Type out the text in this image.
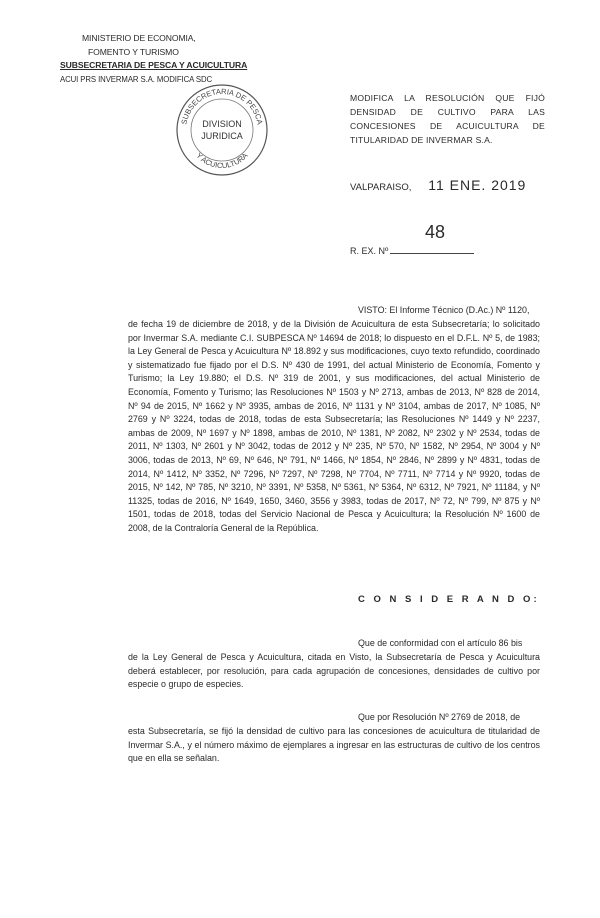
MINISTERIO DE ECONOMIA,
FOMENTO Y TURISMO
SUBSECRETARIA DE PESCA Y ACUICULTURA
ACUI PRS INVERMAR S.A. MODIFICA SDC
SUBSECRETARIA DE PESCA
Y ACUICULTURA
DIVISION
JURIDICA
MODIFICA LA RESOLUCIÓN QUE FIJÓ DENSIDAD DE CULTIVO PARA LAS CONCESIONES DE ACUICULTURA DE TITULARIDAD DE INVERMAR S.A.
VALPARAISO, 11 ENE. 2019
48
R. EX. Nº
VISTO: El Informe Técnico (D.Ac.) Nº 1120,
de fecha 19 de diciembre de 2018, y de la División de Acuicultura de esta Subsecretaría; lo solicitado por Invermar S.A. mediante C.I. SUBPESCA Nº 14694 de 2018; lo dispuesto en el D.F.L. Nº 5, de 1983; la Ley General de Pesca y Acuicultura Nº 18.892 y sus modificaciones, cuyo texto refundido, coordinado y sistematizado fue fijado por el D.S. Nº 430 de 1991, del actual Ministerio de Economía, Fomento y Turismo; la Ley 19.880; el D.S. Nº 319 de 2001, y sus modificaciones, del actual Ministerio de Economía, Fomento y Turismo; las Resoluciones Nº 1503 y Nº 2713, ambas de 2013, Nº 828 de 2014, Nº 94 de 2015, Nº 1662 y Nº 3935, ambas de 2016, Nº 1131 y Nº 3104, ambas de 2017, Nº 1085, Nº 2769 y Nº 3224, todas de 2018, todas de esta Subsecretaría; las Resoluciones Nº 1449 y Nº 2237, ambas de 2009, Nº 1697 y Nº 1898, ambas de 2010, Nº 1381, Nº 2082, Nº 2302 y Nº 2534, todas de 2011, Nº 1303, Nº 2601 y Nº 3042, todas de 2012 y Nº 235, Nº 570, Nº 1582, Nº 2954, Nº 3004 y Nº 3006, todas de 2013, Nº 69, Nº 646, Nº 791, Nº 1466, Nº 1854, Nº 2846, Nº 2899 y Nº 4831, todas de 2014, Nº 1412, Nº 3352, Nº 7296, Nº 7297, Nº 7298, Nº 7704, Nº 7711, Nº 7714 y Nº 9920, todas de 2015, Nº 142, Nº 785, Nº 3210, Nº 3391, Nº 5358, Nº 5361, Nº 5364, Nº 6312, Nº 7921, Nº 11184, y Nº 11325, todas de 2016, Nº 1649, 1650, 3460, 3556 y 3983, todas de 2017, Nº 72, Nº 799, Nº 875 y Nº 1501, todas de 2018, todas del Servicio Nacional de Pesca y Acuicultura; la Resolución Nº 1600 de 2008, de la Contraloría General de la República.
C O N S I D E R A N D O:
Que de conformidad con el artículo 86 bis
de la Ley General de Pesca y Acuicultura, citada en Visto, la Subsecretaría de Pesca y Acuicultura deberá establecer, por resolución, para cada agrupación de concesiones, densidades de cultivo por especie o grupo de especies.
Que por Resolución Nº 2769 de 2018, de
esta Subsecretaría, se fijó la densidad de cultivo para las concesiones de acuicultura de titularidad de Invermar S.A., y el número máximo de ejemplares a ingresar en las estructuras de cultivo de los centros que en ella se señalan.
